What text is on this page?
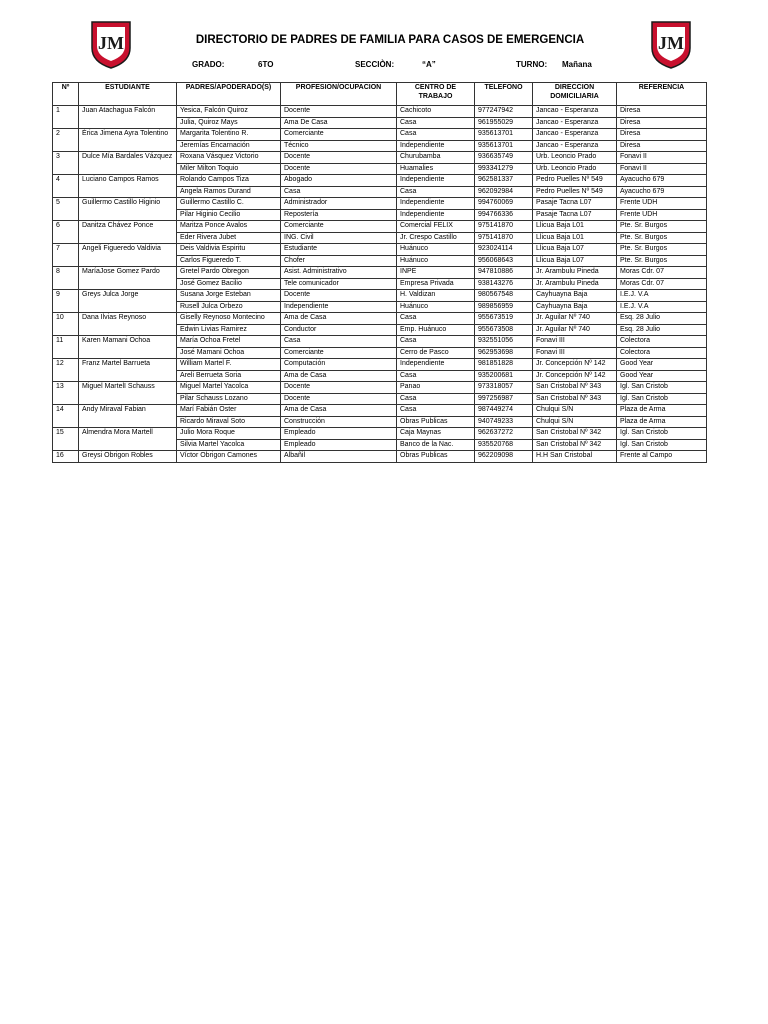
JM	JM
DIRECTORIO DE PADRES DE FAMILIA PARA CASOS DE EMERGENCIA
GRADO:	6TO	SECCIÒN:	“A”	TURNO: Mañana
Nº	ESTUDIANTE	PADRES/APODERADO(S)	PROFESION/OCUPACION	CENTRO DE TRABAJO	TELEFONO	DIRECCION DOMICILIARIA	REFERENCIA
1	Juan Atachagua Falcón	Yesica, Falcón Quiroz	Docente	Cachicoto	977247942	Jancao - Esperanza	Diresa
		Julia, Quiroz Mays	Ama De Casa	Casa	961955029	Jancao - Esperanza	Diresa
2	Érica Jimena Ayra Tolentino	Margarita Tolentino R.	Comerciante	Casa	935613701	Jancao - Esperanza	Diresa
		Jeremías Encarnación	Técnico	Independiente	935613701	Jancao - Esperanza	Diresa
3	Dulce Mía Bardales Vázquez	Roxana Vásquez Victorio	Docente	Churubamba	936635749	Urb. Leoncio Prado	Fonavi II
		Miler Milton Toquio	Docente	Huamalies	993341279	Urb. Leoncio Prado	Fonavi II
4	Luciano Campos Ramos	Rolando Campos Tiza	Abogado	Independiente	962581337	Pedro Puelles Nº 549	Ayacucho 679
		Angela Ramos Durand	Casa	Casa	962092984	Pedro Puelles Nº 549	Ayacucho 679
5	Guillermo Castillo Higinio	Guillermo Castillo C.	Administrador	Independiente	994760069	Pasaje Tacna L07	Frente UDH
		Pilar Higinio Cecilio	Repostería	Independiente	994766336	Pasaje Tacna L07	Frente UDH
6	Danitza Chávez Ponce	Maritza Ponce Avalos	Comerciante	Comercial FELIX	975141870	Llicua Baja L01	Pte. Sr. Burgos
		Eder Rivera Jubet	ING. Civil	Jr. Crespo Castillo	975141870	Llicua Baja L01	Pte. Sr. Burgos
7	Angeli Figueredo Valdivia	Deis Valdivia Espiritu	Estudiante	Huánuco	923024114	Llicua Baja L07	Pte. Sr. Burgos
		Carlos Figueredo T.	Chofer	Huánuco	956068643	Llicua Baja L07	Pte. Sr. Burgos
8	MaríaJose Gomez Pardo	Gretel Pardo Obregon	Asist. Administrativo	INPE	947810886	Jr. Arambulu Pineda	Moras Cdr. 07
		José Gomez Bacilio	Tele comunicador	Empresa Privada	938143276	Jr. Arambulu Pineda	Moras Cdr. 07
9	Greys Julca Jorge	Susana Jorge Esteban	Docente	H. Valdizan	980567548	Cayhuayna Baja	I.E.J. V.A
		Rusell Julca Orbezo	Independiente	Huánuco	989856959	Cayhuayna Baja	I.E.J. V.A
10	Dana Ilvias Reynoso	Giselly Reynoso Montecino	Ama de Casa	Casa	955673519	Jr. Aguilar Nº 740	Esq. 28 Julio
		Edwin Livias Ramirez	Conductor	Emp. Huánuco	955673508	Jr. Aguilar Nº 740	Esq. 28 Julio
11	Karen Mamani Ochoa	María Ochoa Fretel	Casa	Casa	932551056	Fonavi III	Colectora
		José Mamani Ochoa	Comerciante	Cerro de Pasco	962953698	Fonavi III	Colectora
12	Franz Martel Barrueta	William Martel F.	Computación	Independiente	981851828	Jr. Concepción Nº 142	Good Year
		Areli Berrueta Soria	Ama de Casa	Casa	935200681	Jr. Concepción Nº 142	Good Year
13	Miguel MartelI Schauss	Miguel Martel Yacolca	Docente	Panao	973318057	San Cristobal Nº 343	Igl. San Cristob
		Pilar Schauss Lozano	Docente	Casa	997256987	San Cristobal Nº 343	Igl. San Cristob
14	Andy Miraval Fabian	Marí Fabián Oster	Ama de Casa	Casa	987449274	Chulqui S/N	Plaza de Arma
		Ricardo Miraval Soto	Construcción	Obras Publicas	940749233	Chulqui S/N	Plaza de Arma
15	Almendra Mora Martell	Julio Mora Roque	Empleado	Caja Maynas	962637272	San Cristobal Nº 342	Igl. San Cristob
		Silvia Martel Yacolca	Empleado	Banco de la Nac.	935520768	San Cristobal Nº 342	Igl. San Cristob
16	Greysi Obrigon Robles	Víctor Obrigon Camones	Albañil	Obras Publicas	962209098	H.H San Cristobal	Frente al Campo
